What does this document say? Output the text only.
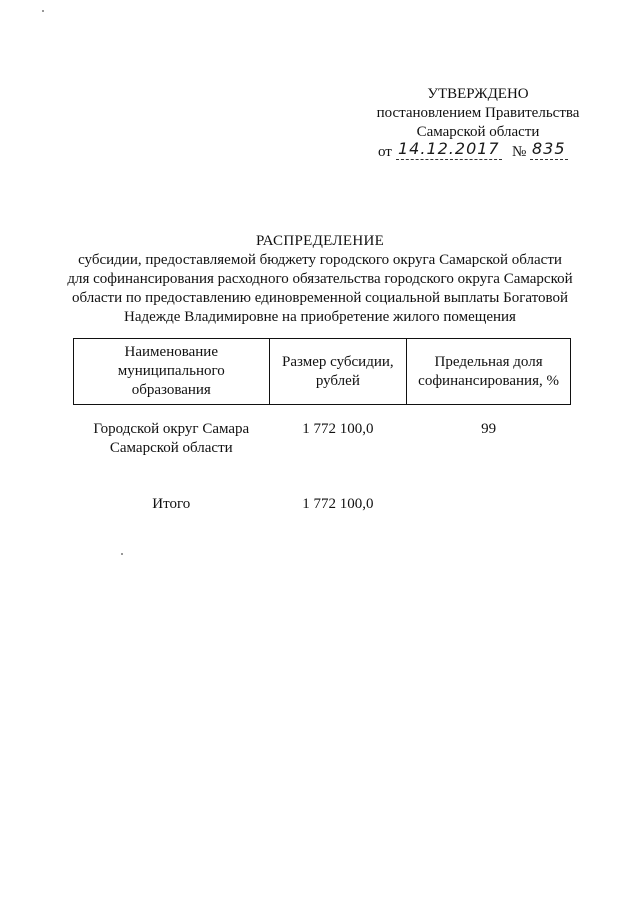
УТВЕРЖДЕНО
постановлением Правительства
Самарской области
от 14.12.2017 № 835
РАСПРЕДЕЛЕНИЕ
субсидии, предоставляемой бюджету городского округа Самарской области
для софинансирования расходного обязательства городского округа Самарской
области по предоставлению единовременной социальной выплаты Богатовой
Надежде Владимировне на приобретение жилого помещения
Наименование муниципального образования	Размер субсидии, рублей	Предельная доля софинансирования, %
Городской округ Самара Самарской области	1 772 100,0	99
Итого	1 772 100,0	
